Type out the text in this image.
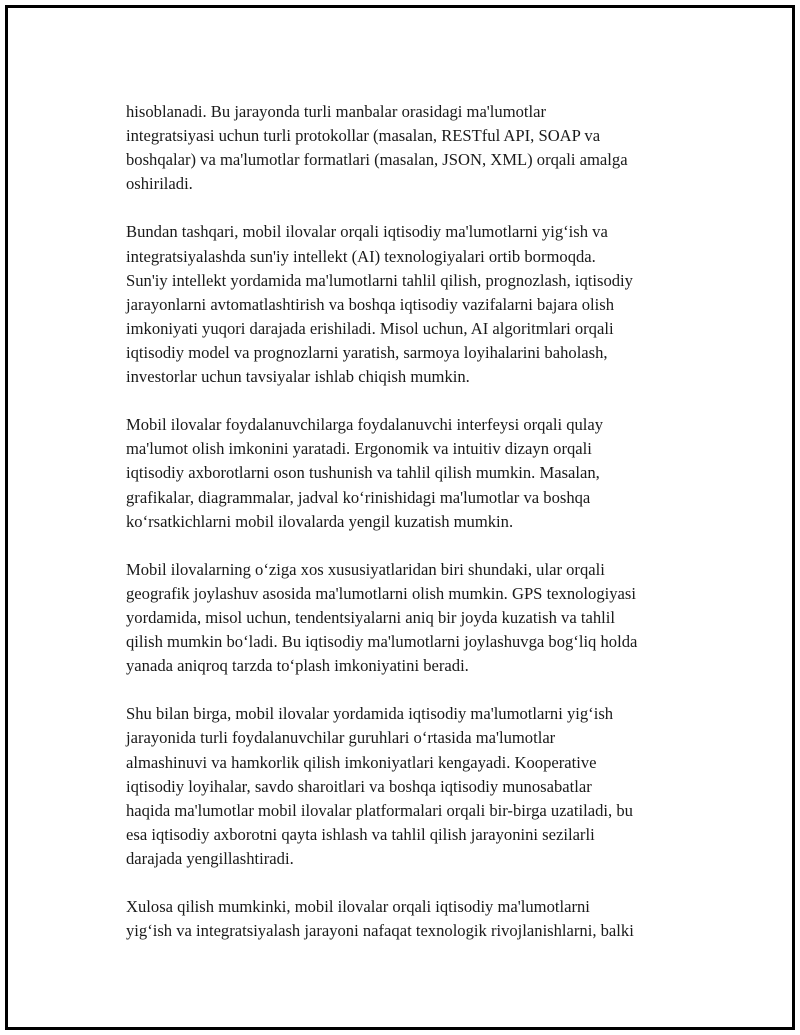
hisoblanadi. Bu jarayonda turli manbalar orasidagi ma'lumotlar
integratsiyasi uchun turli protokollar (masalan, RESTful API, SOAP va
boshqalar) va ma'lumotlar formatlari (masalan, JSON, XML) orqali amalga
oshiriladi.

Bundan tashqari, mobil ilovalar orqali iqtisodiy ma'lumotlarni yig‘ish va
integratsiyalashda sun'iy intellekt (AI) texnologiyalari ortib bormoqda.
Sun'iy intellekt yordamida ma'lumotlarni tahlil qilish, prognozlash, iqtisodiy
jarayonlarni avtomatlashtirish va boshqa iqtisodiy vazifalarni bajara olish
imkoniyati yuqori darajada erishiladi. Misol uchun, AI algoritmlari orqali
iqtisodiy model va prognozlarni yaratish, sarmoya loyihalarini baholash,
investorlar uchun tavsiyalar ishlab chiqish mumkin.

Mobil ilovalar foydalanuvchilarga foydalanuvchi interfeysi orqali qulay
ma'lumot olish imkonini yaratadi. Ergonomik va intuitiv dizayn orqali
iqtisodiy axborotlarni oson tushunish va tahlil qilish mumkin. Masalan,
grafikalar, diagrammalar, jadval ko‘rinishidagi ma'lumotlar va boshqa
ko‘rsatkichlarni mobil ilovalarda yengil kuzatish mumkin.

Mobil ilovalarning o‘ziga xos xususiyatlaridan biri shundaki, ular orqali
geografik joylashuv asosida ma'lumotlarni olish mumkin. GPS texnologiyasi
yordamida, misol uchun, tendentsiyalarni aniq bir joyda kuzatish va tahlil
qilish mumkin bo‘ladi. Bu iqtisodiy ma'lumotlarni joylashuvga bog‘liq holda
yanada aniqroq tarzda to‘plash imkoniyatini beradi.

Shu bilan birga, mobil ilovalar yordamida iqtisodiy ma'lumotlarni yig‘ish
jarayonida turli foydalanuvchilar guruhlari o‘rtasida ma'lumotlar
almashinuvi va hamkorlik qilish imkoniyatlari kengayadi. Kooperative
iqtisodiy loyihalar, savdo sharoitlari va boshqa iqtisodiy munosabatlar
haqida ma'lumotlar mobil ilovalar platformalari orqali bir-birga uzatiladi, bu
esa iqtisodiy axborotni qayta ishlash va tahlil qilish jarayonini sezilarli
darajada yengillashtiradi.

Xulosa qilish mumkinki, mobil ilovalar orqali iqtisodiy ma'lumotlarni
yig‘ish va integratsiyalash jarayoni nafaqat texnologik rivojlanishlarni, balki
